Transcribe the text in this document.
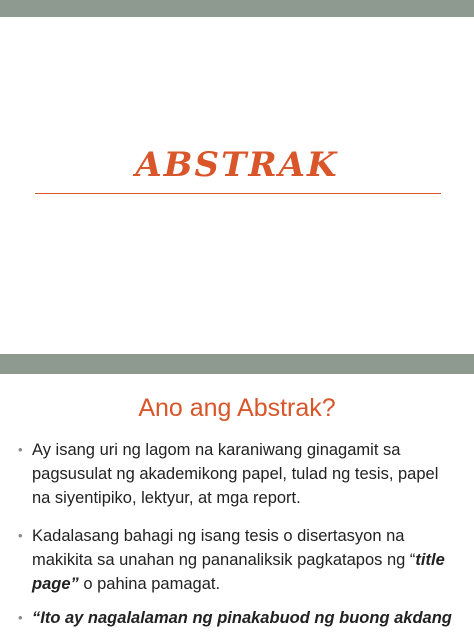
ABSTRAK
Ano ang Abstrak?
• Ay isang uri ng lagom na karaniwang ginagamit sa pagsusulat ng akademikong papel, tulad ng tesis, papel na siyentipiko, lektyur, at mga report.
• Kadalasang bahagi ng isang tesis o disertasyon na makikita sa unahan ng pananaliksik pagkatapos ng “title page” o pahina pamagat.
• “Ito ay nagalalaman ng pinakabuod ng buong akdang
